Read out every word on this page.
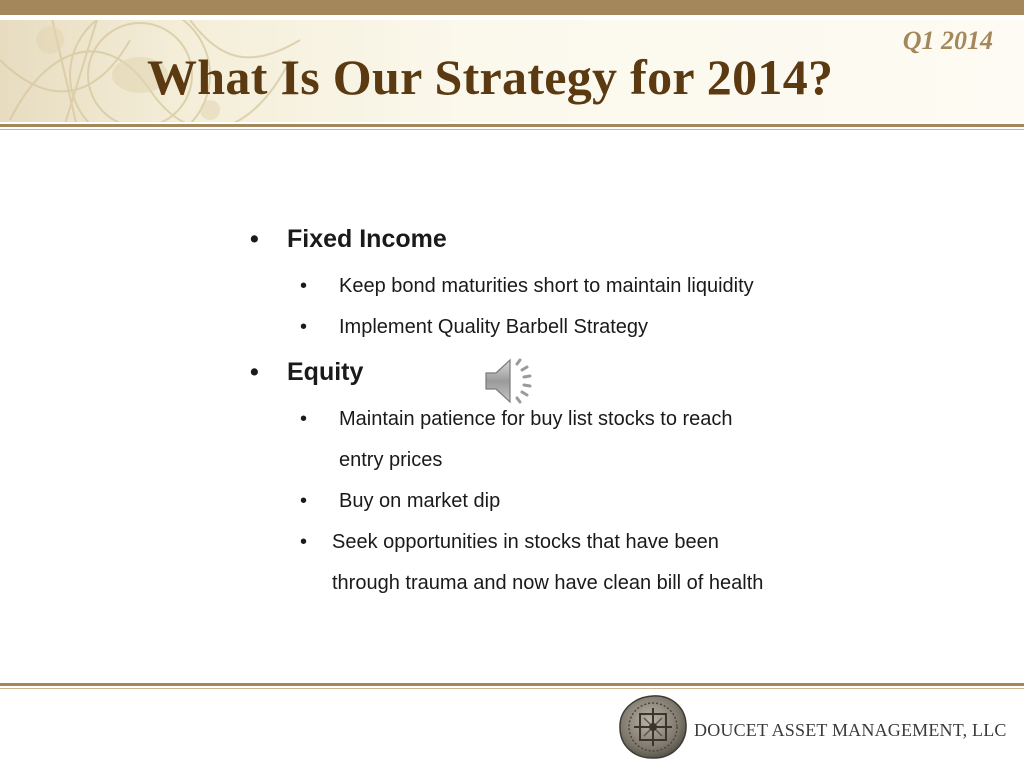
What Is Our Strategy for 2014?
Q1 2014
• Fixed Income
• Keep bond maturities short to maintain liquidity
• Implement Quality Barbell Strategy
• Equity
• Maintain patience for buy list stocks to reach
entry prices
• Buy on market dip
• Seek opportunities in stocks that have been
through trauma and now have clean bill of health
DOUCET ASSET MANAGEMENT, LLC
